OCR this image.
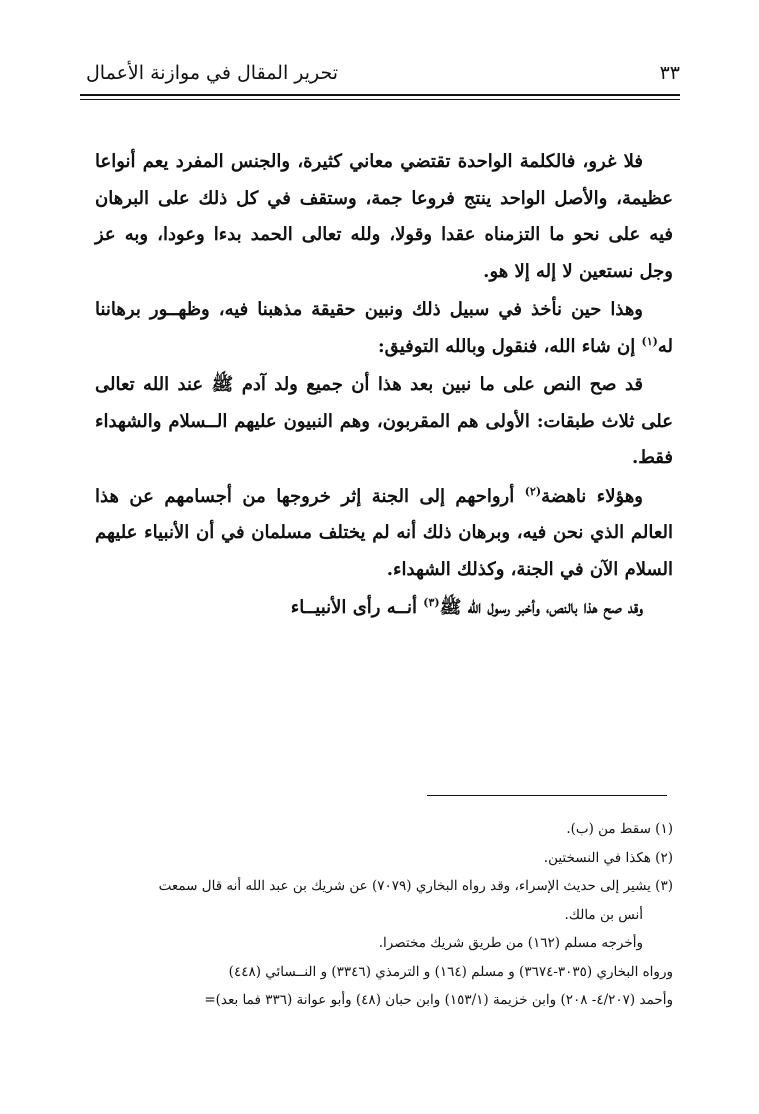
تحرير المقال في موازنة الأعمال	٣٣

فلا غرو، فالكلمة الواحدة تقتضي معاني كثيرة، والجنس المفرد يعم أنواعا عظيمة، والأصل الواحد ينتج فروعا جمة، وستقف في كل ذلك على البرهان فيه على نحو ما التزمناه عقدا وقولا، ولله تعالى الحمد بدءا وعودا، وبه عز وجل نستعين لا إله إلا هو.

وهذا حين نأخذ في سبيل ذلك ونبين حقيقة مذهبنا فيه، وظهــور برهاننا له$^{(١)}$ إن شاء الله، فنقول وبالله التوفيق:

قد صح النص على ما نبين بعد هذا أن جميع ولد آدم ﷺ عند الله تعالى على ثلاث طبقات: الأولى هم المقربون، وهم النبيون عليهم الــسلام والشهداء فقط.

وهؤلاء ناهضة$^{(٢)}$ أرواحهم إلى الجنة إثر خروجها من أجسامهم عن هذا العالم الذي نحن فيه، وبرهان ذلك أنه لم يختلف مسلمان في أن الأنبياء عليهم السلام الآن في الجنة، وكذلك الشهداء.

وقد صح هذا بالنص، وأخبر رسول الله ﷺ$^{(٣)}$ أنــه رأى الأنبيــاء

(١) سقط من (ب).

(٢) هكذا في النسختين.

(٣) يشير إلى حديث الإسراء، وقد رواه البخاري (٧٠٧٩) عن شريك بن عبد الله أنه قال سمعت

أنس بن مالك.

وأخرجه مسلم (١٦٢) من طريق شريك مختصرا.

ورواه البخاري (٣٠٣٥-٣٦٧٤) و مسلم (١٦٤) و الترمذي (٣٣٤٦) و النــسائي (٤٤٨)

وأحمد (٤/٢٠٧- ٢٠٨) وابن خزيمة (١٥٣/١) وابن حبان (٤٨) وأبو عوانة (٣٣٦ فما بعد)=
